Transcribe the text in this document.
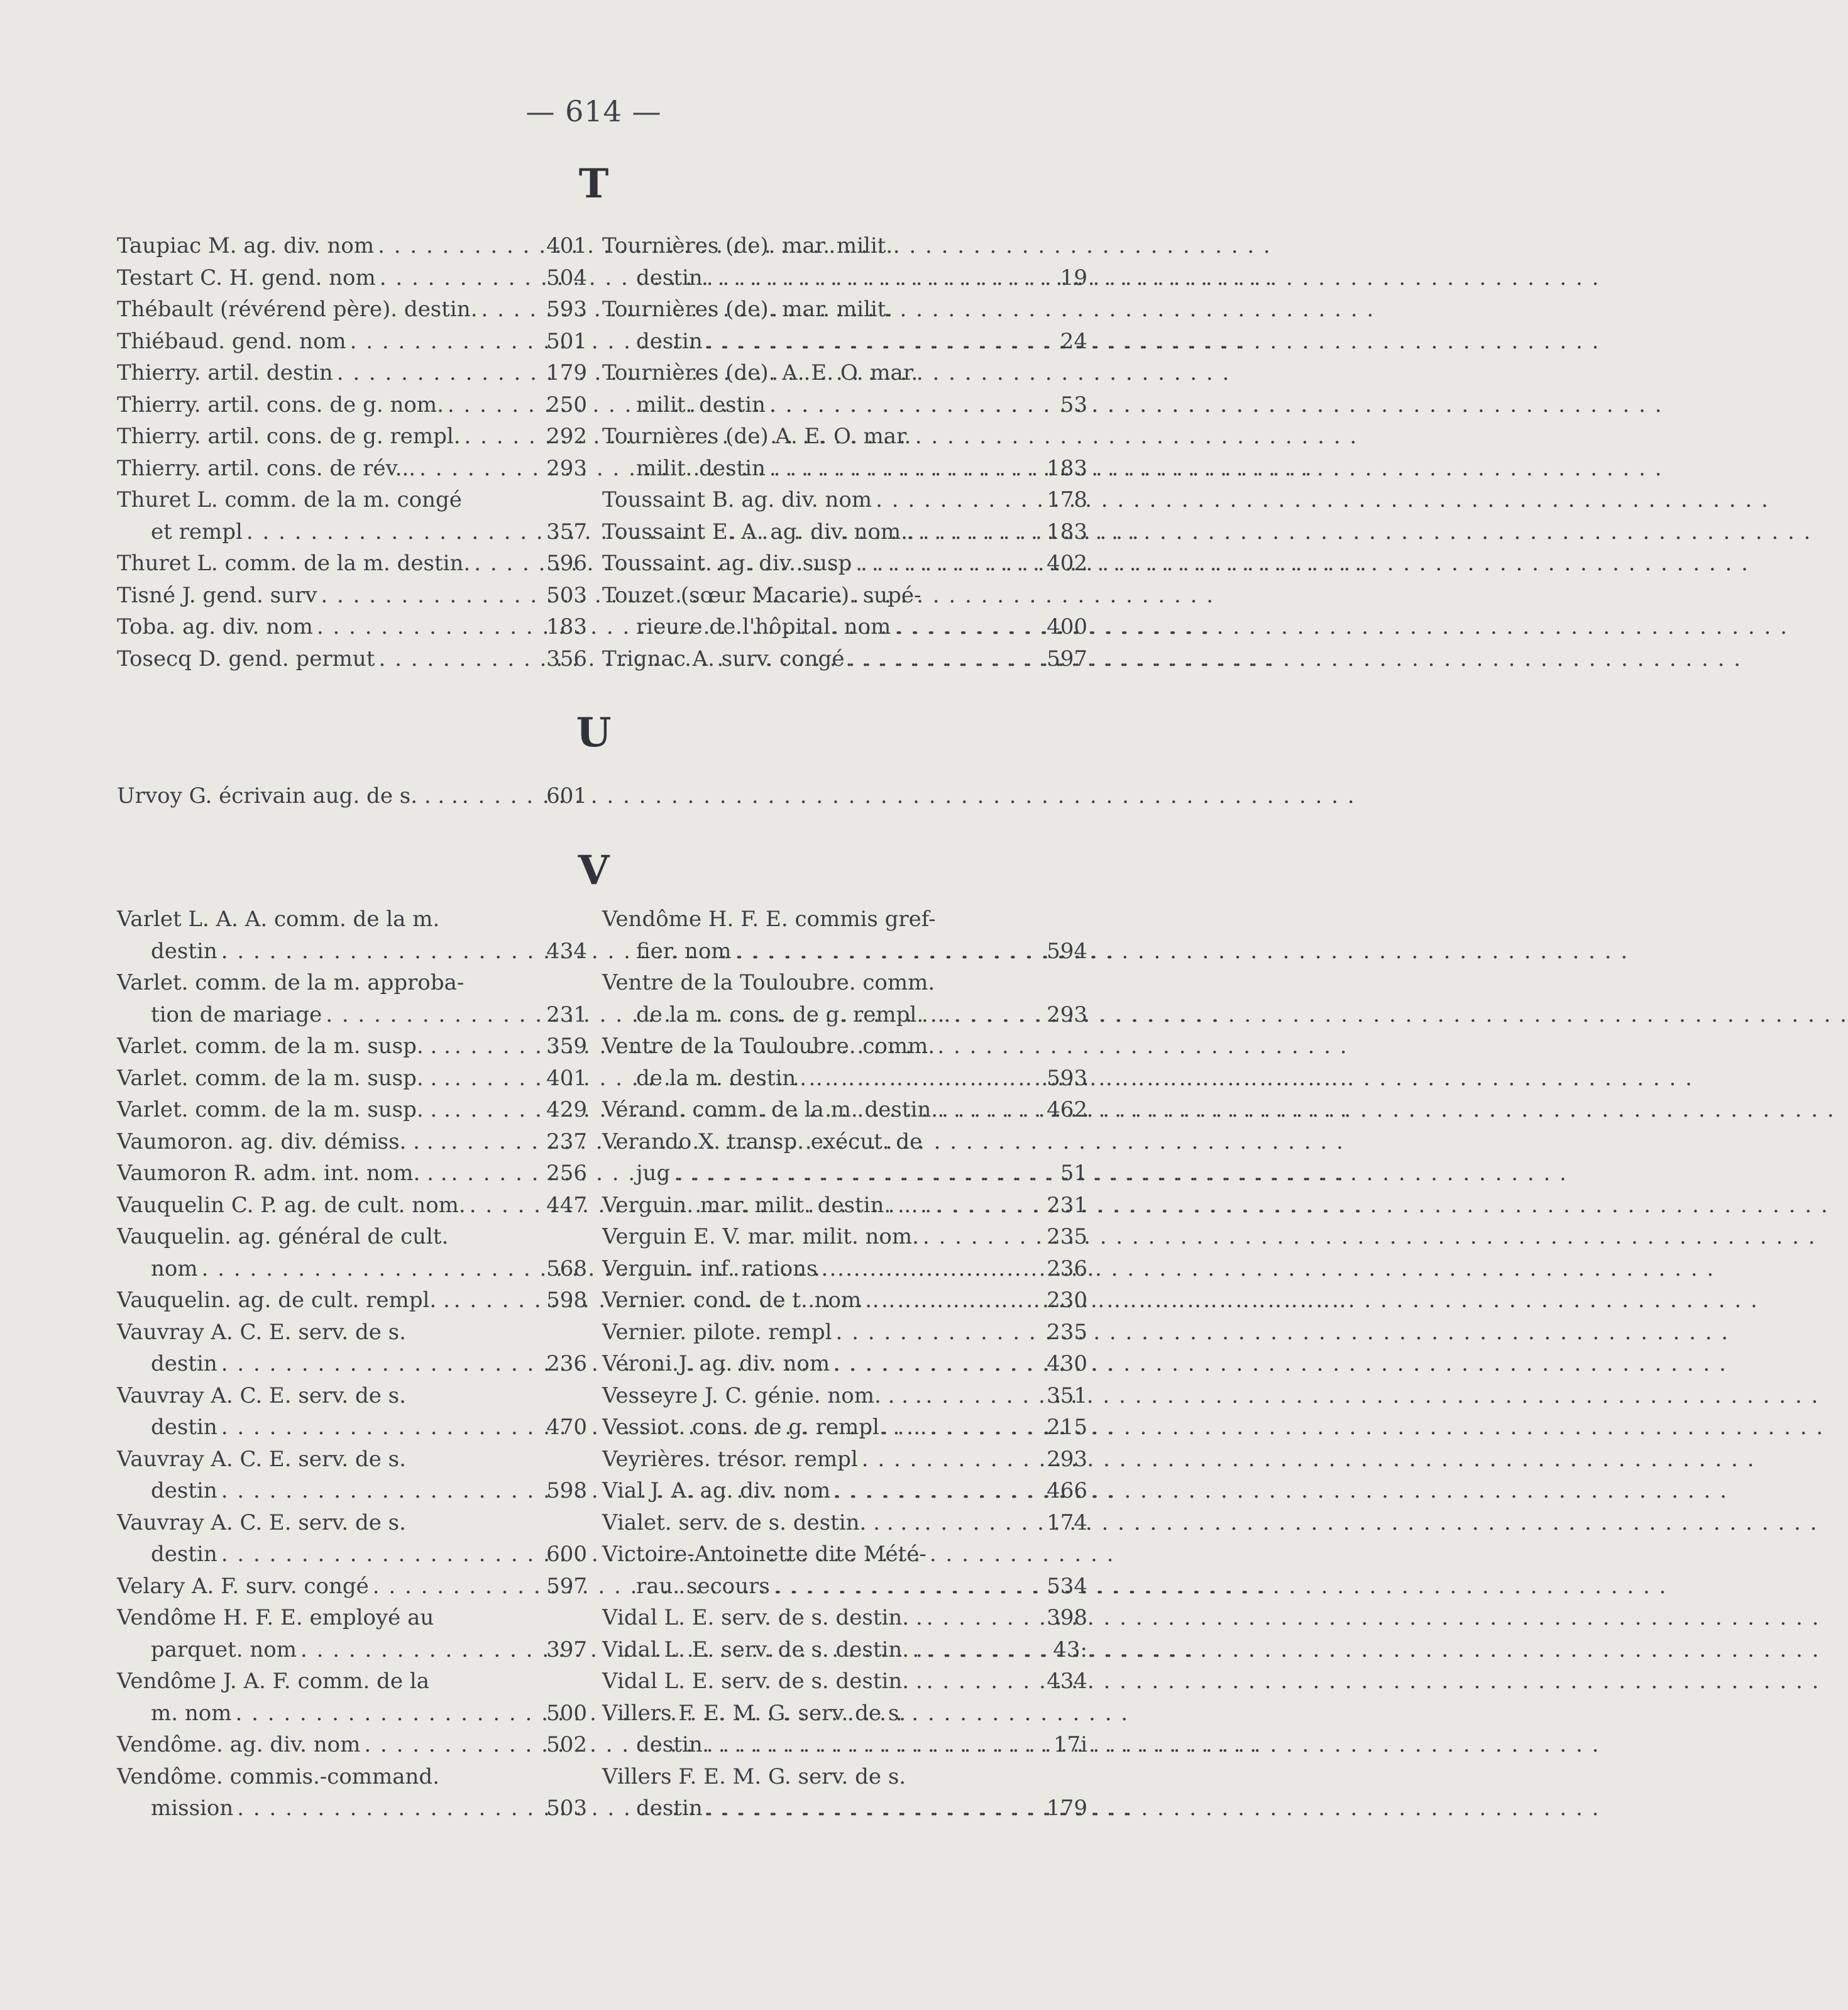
— 614 —
T
Taupiac M. ag. div. nom . . .	401
Testart C. H. gend. nom . . .	504
Thébault (révérend père). destin. . . .	593
Thiébaud. gend. nom . . .	501
Thierry. artil. destin . . .	179
Thierry. artil. cons. de g. nom. . . .	250
Thierry. artil. cons. de g. rempl. . . .	292
Thierry. artil. cons. de rév... . . .	293
Thuret L. comm. de la m. congé
et rempl . . .	357
Thuret L. comm. de la m. destin. . . .	596
Tisné J. gend. surv . . .	503
Toba. ag. div. nom . . .	183
Tosecq D. gend. permut . . .	356
Tournières (de). mar. milit.
destin . . .	19
Tournières (de). mar. milit.
destin . . .	24
Tournières (de). A. E. O. mar.
milit. destin . . .	53
Tournières (de) A. E. O. mar.
milit. destin . . .	183
Toussaint B. ag. div. nom . . .	178
Toussaint E. A. ag. div. nom.. . . .	183
Toussaint. ag. div. susp . . .	402
Touzet (sœur Macarie). supé-
rieure de l'hôpital. nom . . .	400
Trignac A. surv. congé . . .	597
U
Urvoy G. écrivain aug. de s. . . . . . .	601
V
Varlet L. A. A. comm. de la m.
destin . . .	434
Varlet. comm. de la m. approba-
tion de mariage . . .	231
Varlet. comm. de la m. susp. . . . . .	359
Varlet. comm. de la m. susp. . . . . .	401
Varlet. comm. de la m. susp. . . . . .	429
Vaumoron. ag. div. démiss. . . . . . .	237
Vaumoron R. adm. int. nom. . . . . .	256
Vauquelin C. P. ag. de cult. nom. . . .	447
Vauquelin. ag. général de cult.
nom . . .	568
Vauquelin. ag. de cult. rempl. . . . .	598
Vauvray A. C. E. serv. de s.
destin . . .	236
Vauvray A. C. E. serv. de s.
destin . . .	470
Vauvray A. C. E. serv. de s.
destin . . .	598
Vauvray A. C. E. serv. de s.
destin . . .	600
Velary A. F. surv. congé . . .	597
Vendôme H. F. E. employé au
parquet. nom . . .	397
Vendôme J. A. F. comm. de la
m. nom . . .	500
Vendôme. ag. div. nom . . .	502
Vendôme. commis.-command.
mission . . .	503
Vendôme H. F. E. commis gref-
fier. nom . . .	594
Ventre de la Touloubre. comm.
de la m. cons. de g. rempl. . . . . .	293
Ventre de la Touloubre. comm.
de la m. destin . . .	593
Vérand. comm. de la m. destin. . . .	462
Verando X. transp. exécut. de
jug . . .	51
Verguin. mar. milit. destin. . . . . . .	231
Verguin E. V. mar. milit. nom. . . .	235
Verguin. inf. rations . . .	236
Vernier. cond. de t. nom . . .	230
Vernier. pilote. rempl . . .	235
Véroni J. ag. div. nom . . .	430
Vesseyre J. C. génie. nom. . . . . . .	351
Vessiot. cons. de g. rempl. . . . . . .	215
Veyrières. trésor. rempl . . .	293
Vial J. A. ag. div. nom . . .	466
Vialet. serv. de s. destin. . . . . . . .	174
Victoire-Antoinette dite Mété-
rau. secours . . .	534
Vidal L. E. serv. de s. destin. . . . .	398
Vidal L. E. serv. de s. destin. . . . .	43:
Vidal L. E. serv. de s. destin. . . . .	434
Villers F. E. M. G. serv. de s.
destin . . .	17i
Villers F. E. M. G. serv. de s.
destin . . .	179
